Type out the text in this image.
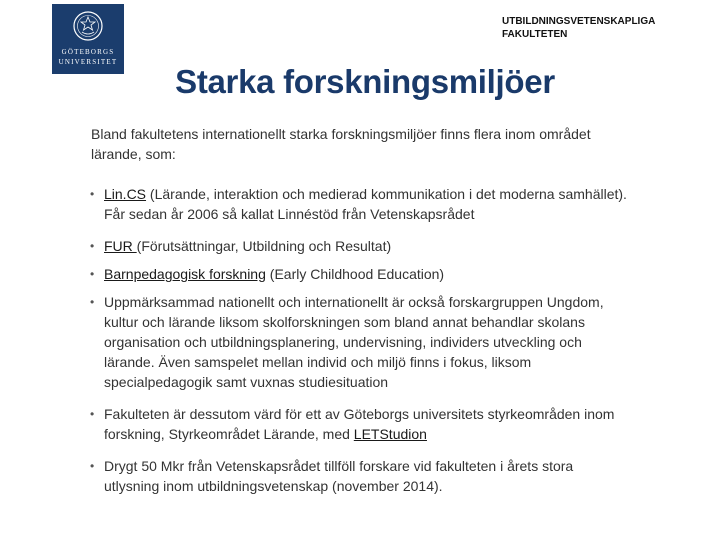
GÖTEBORGS
UNIVERSITET
UTBILDNINGSVETENSKAPLIGA
FAKULTETEN
Starka forskningsmiljöer
Bland fakultetens internationellt starka forskningsmiljöer finns flera inom området lärande, som:
• Lin.CS (Lärande, interaktion och medierad kommunikation i det moderna samhället). Får sedan år 2006 så kallat Linnéstöd från Vetenskapsrådet
• FUR (Förutsättningar, Utbildning och Resultat)
• Barnpedagogisk forskning (Early Childhood Education)
• Uppmärksammad nationellt och internationellt är också forskargruppen Ungdom, kultur och lärande liksom skolforskningen som bland annat behandlar skolans organisation och utbildningsplanering, undervisning, individers utveckling och lärande. Även samspelet mellan individ och miljö finns i fokus, liksom specialpedagogik samt vuxnas studiesituation
• Fakulteten är dessutom värd för ett av Göteborgs universitets styrkeområden inom forskning, Styrkeområdet Lärande, med LETStudion
• Drygt 50 Mkr från Vetenskapsrådet tillföll forskare vid fakulteten i årets stora utlysning inom utbildningsvetenskap (november 2014).
